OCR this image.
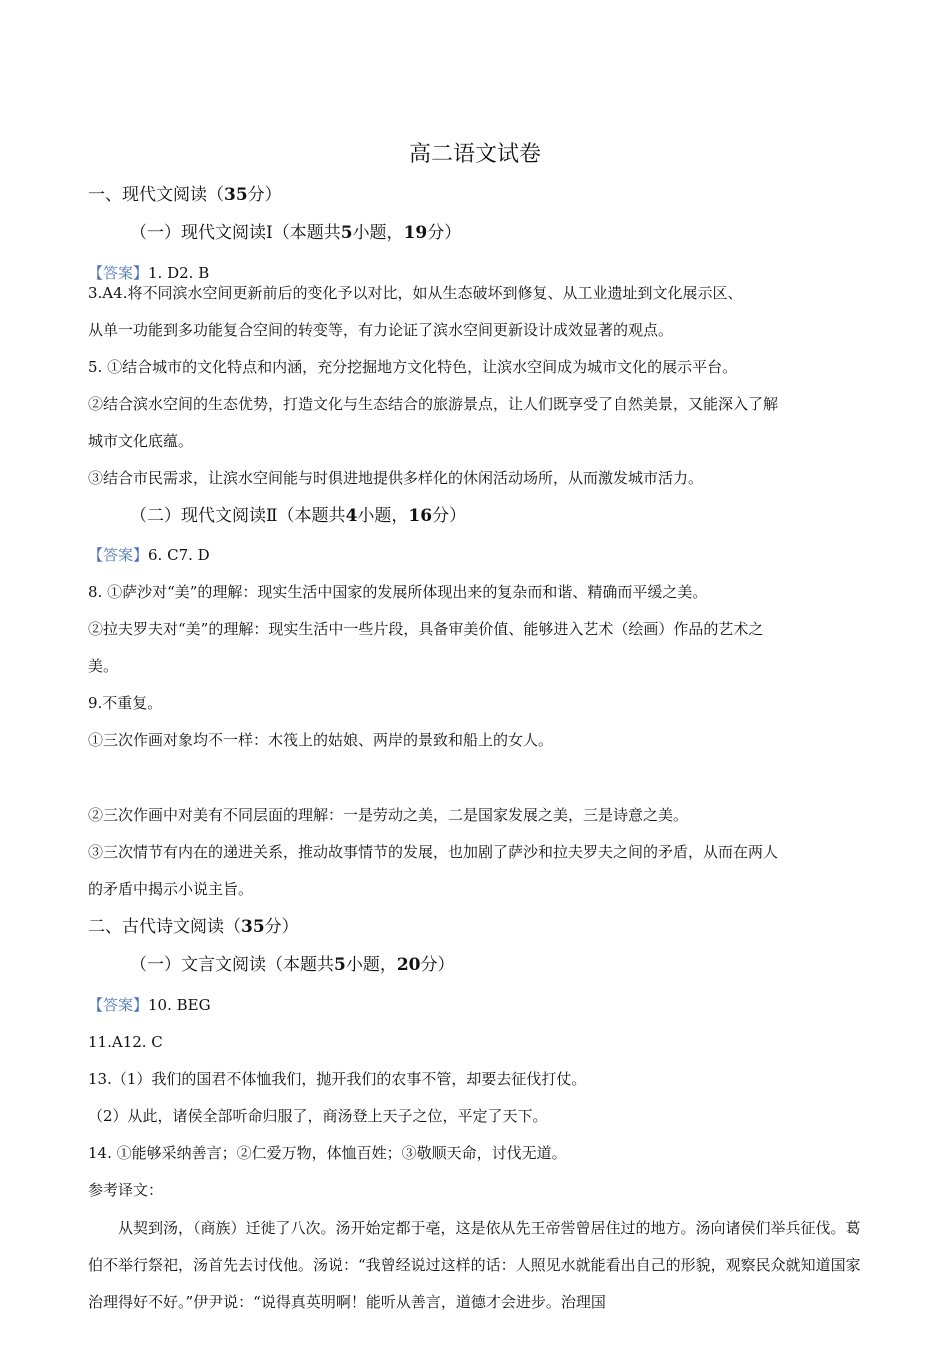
高二语文试卷
一、现代文阅读（35分）
（一）现代文阅读Ⅰ（本题共5小题，19分）
【答案】1. D2. B
3.A4.将不同滨水空间更新前后的变化予以对比，如从生态破坏到修复、从工业遗址到文化展示区、
从单一功能到多功能复合空间的转变等，有力论证了滨水空间更新设计成效显著的观点。
5. ①结合城市的文化特点和内涵，充分挖掘地方文化特色，让滨水空间成为城市文化的展示平台。
②结合滨水空间的生态优势，打造文化与生态结合的旅游景点，让人们既享受了自然美景，又能深入了解
城市文化底蕴。
③结合市民需求，让滨水空间能与时俱进地提供多样化的休闲活动场所，从而激发城市活力。
（二）现代文阅读Ⅱ（本题共4小题，16分）
【答案】6. C7. D
8. ①萨沙对“美”的理解：现实生活中国家的发展所体现出来的复杂而和谐、精确而平缓之美。
②拉夫罗夫对“美”的理解：现实生活中一些片段，具备审美价值、能够进入艺术（绘画）作品的艺术之
美。
9.不重复。
①三次作画对象均不一样：木筏上的姑娘、两岸的景致和船上的女人。
②三次作画中对美有不同层面的理解：一是劳动之美，二是国家发展之美，三是诗意之美。
③三次情节有内在的递进关系，推动故事情节的发展，也加剧了萨沙和拉夫罗夫之间的矛盾，从而在两人
的矛盾中揭示小说主旨。
二、古代诗文阅读（35分）
（一）文言文阅读（本题共5小题，20分）
【答案】10. BEG
11.A12. C
13.（1）我们的国君不体恤我们，抛开我们的农事不管，却要去征伐打仗。
（2）从此，诸侯全部听命归服了，商汤登上天子之位，平定了天下。
14. ①能够采纳善言；②仁爱万物，体恤百姓；③敬顺天命，讨伐无道。
参考译文：
从契到汤，（商族）迁徙了八次。汤开始定都于亳，这是依从先王帝喾曾居住过的地方。汤向诸侯们举兵征伐。葛伯不举行祭祀，汤首先去讨伐他。汤说：“我曾经说过这样的话：人照见水就能看出自己的形貌，观察民众就知道国家治理得好不好。”伊尹说：“说得真英明啊！能听从善言，道德才会进步。治理国
